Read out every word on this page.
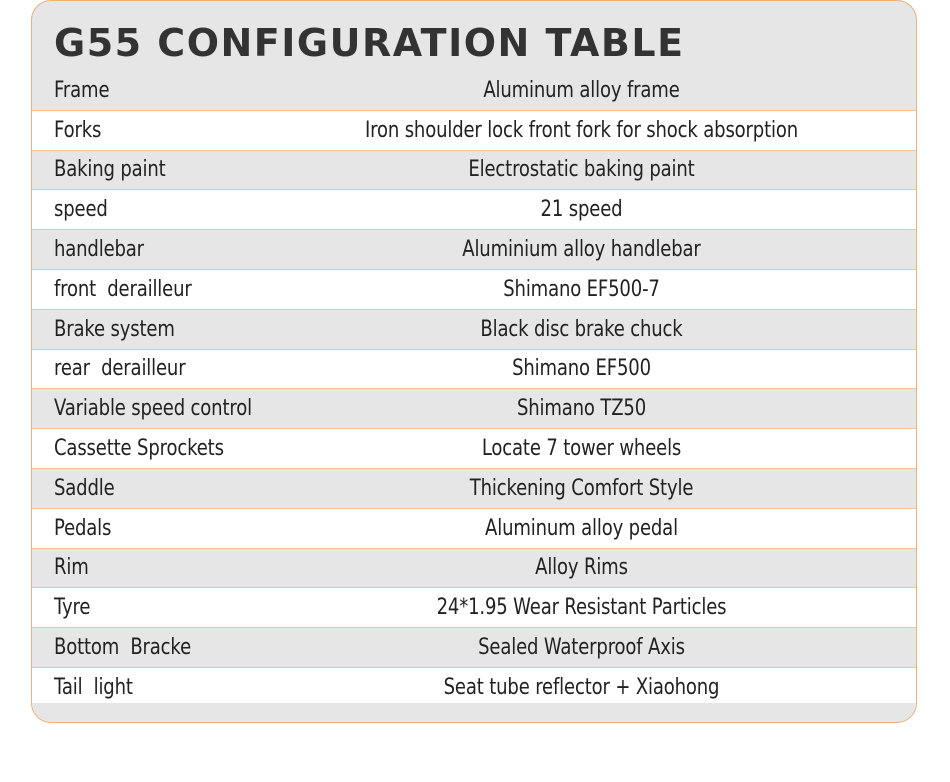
G55 CONFIGURATION TABLE
Frame	Aluminum alloy frame
Forks	Iron shoulder lock front fork for shock absorption
Baking paint	Electrostatic baking paint
speed	21 speed
handlebar	Aluminium alloy handlebar
front  derailleur	Shimano EF500-7
Brake system	Black disc brake chuck
rear  derailleur	Shimano EF500
Variable speed control	Shimano TZ50
Cassette Sprockets	Locate 7 tower wheels
Saddle	Thickening Comfort Style
Pedals	Aluminum alloy pedal
Rim	Alloy Rims
Tyre	24*1.95 Wear Resistant Particles
Bottom  Bracke	Sealed Waterproof Axis
Tail  light	Seat tube reflector + Xiaohong
